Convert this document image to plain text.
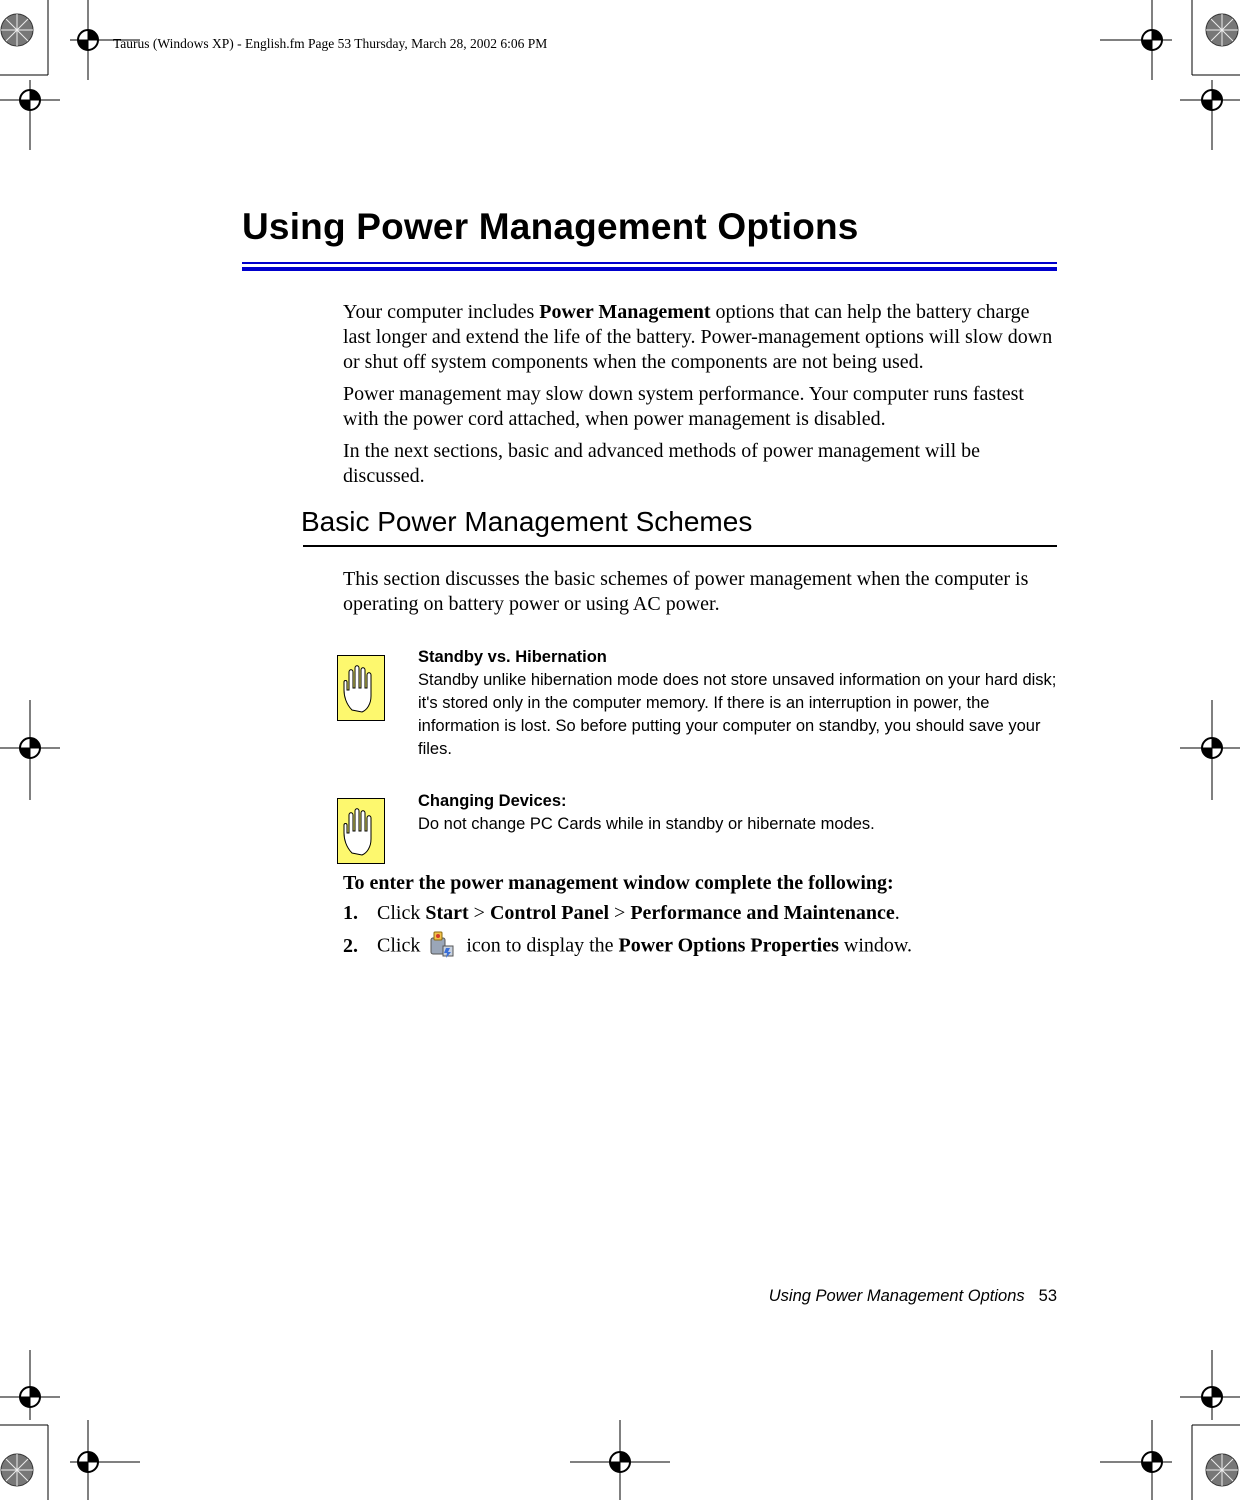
Taurus (Windows XP) - English.fm Page 53 Thursday, March 28, 2002 6:06 PM
Using Power Management Options

Your computer includes Power Management options that can help the battery charge last longer and extend the life of the battery. Power-management options will slow down or shut off system components when the components are not being used.

Power management may slow down system performance. Your computer runs fastest with the power cord attached, when power management is disabled.

In the next sections, basic and advanced methods of power management will be discussed.

Basic Power Management Schemes
This section discusses the basic schemes of power management when the computer is operating on battery power or using AC power.
Standby vs. Hibernation
Standby unlike hibernation mode does not store unsaved information on your hard disk; it's stored only in the computer memory. If there is an interruption in power, the information is lost. So before putting your computer on standby, you should save your files.
Changing Devices:
Do not change PC Cards while in standby or hibernate modes.
To enter the power management window complete the following:
1. Click Start > Control Panel > Performance and Maintenance.
2. Click  icon to display the Power Options Properties window.
Using Power Management Options 53
